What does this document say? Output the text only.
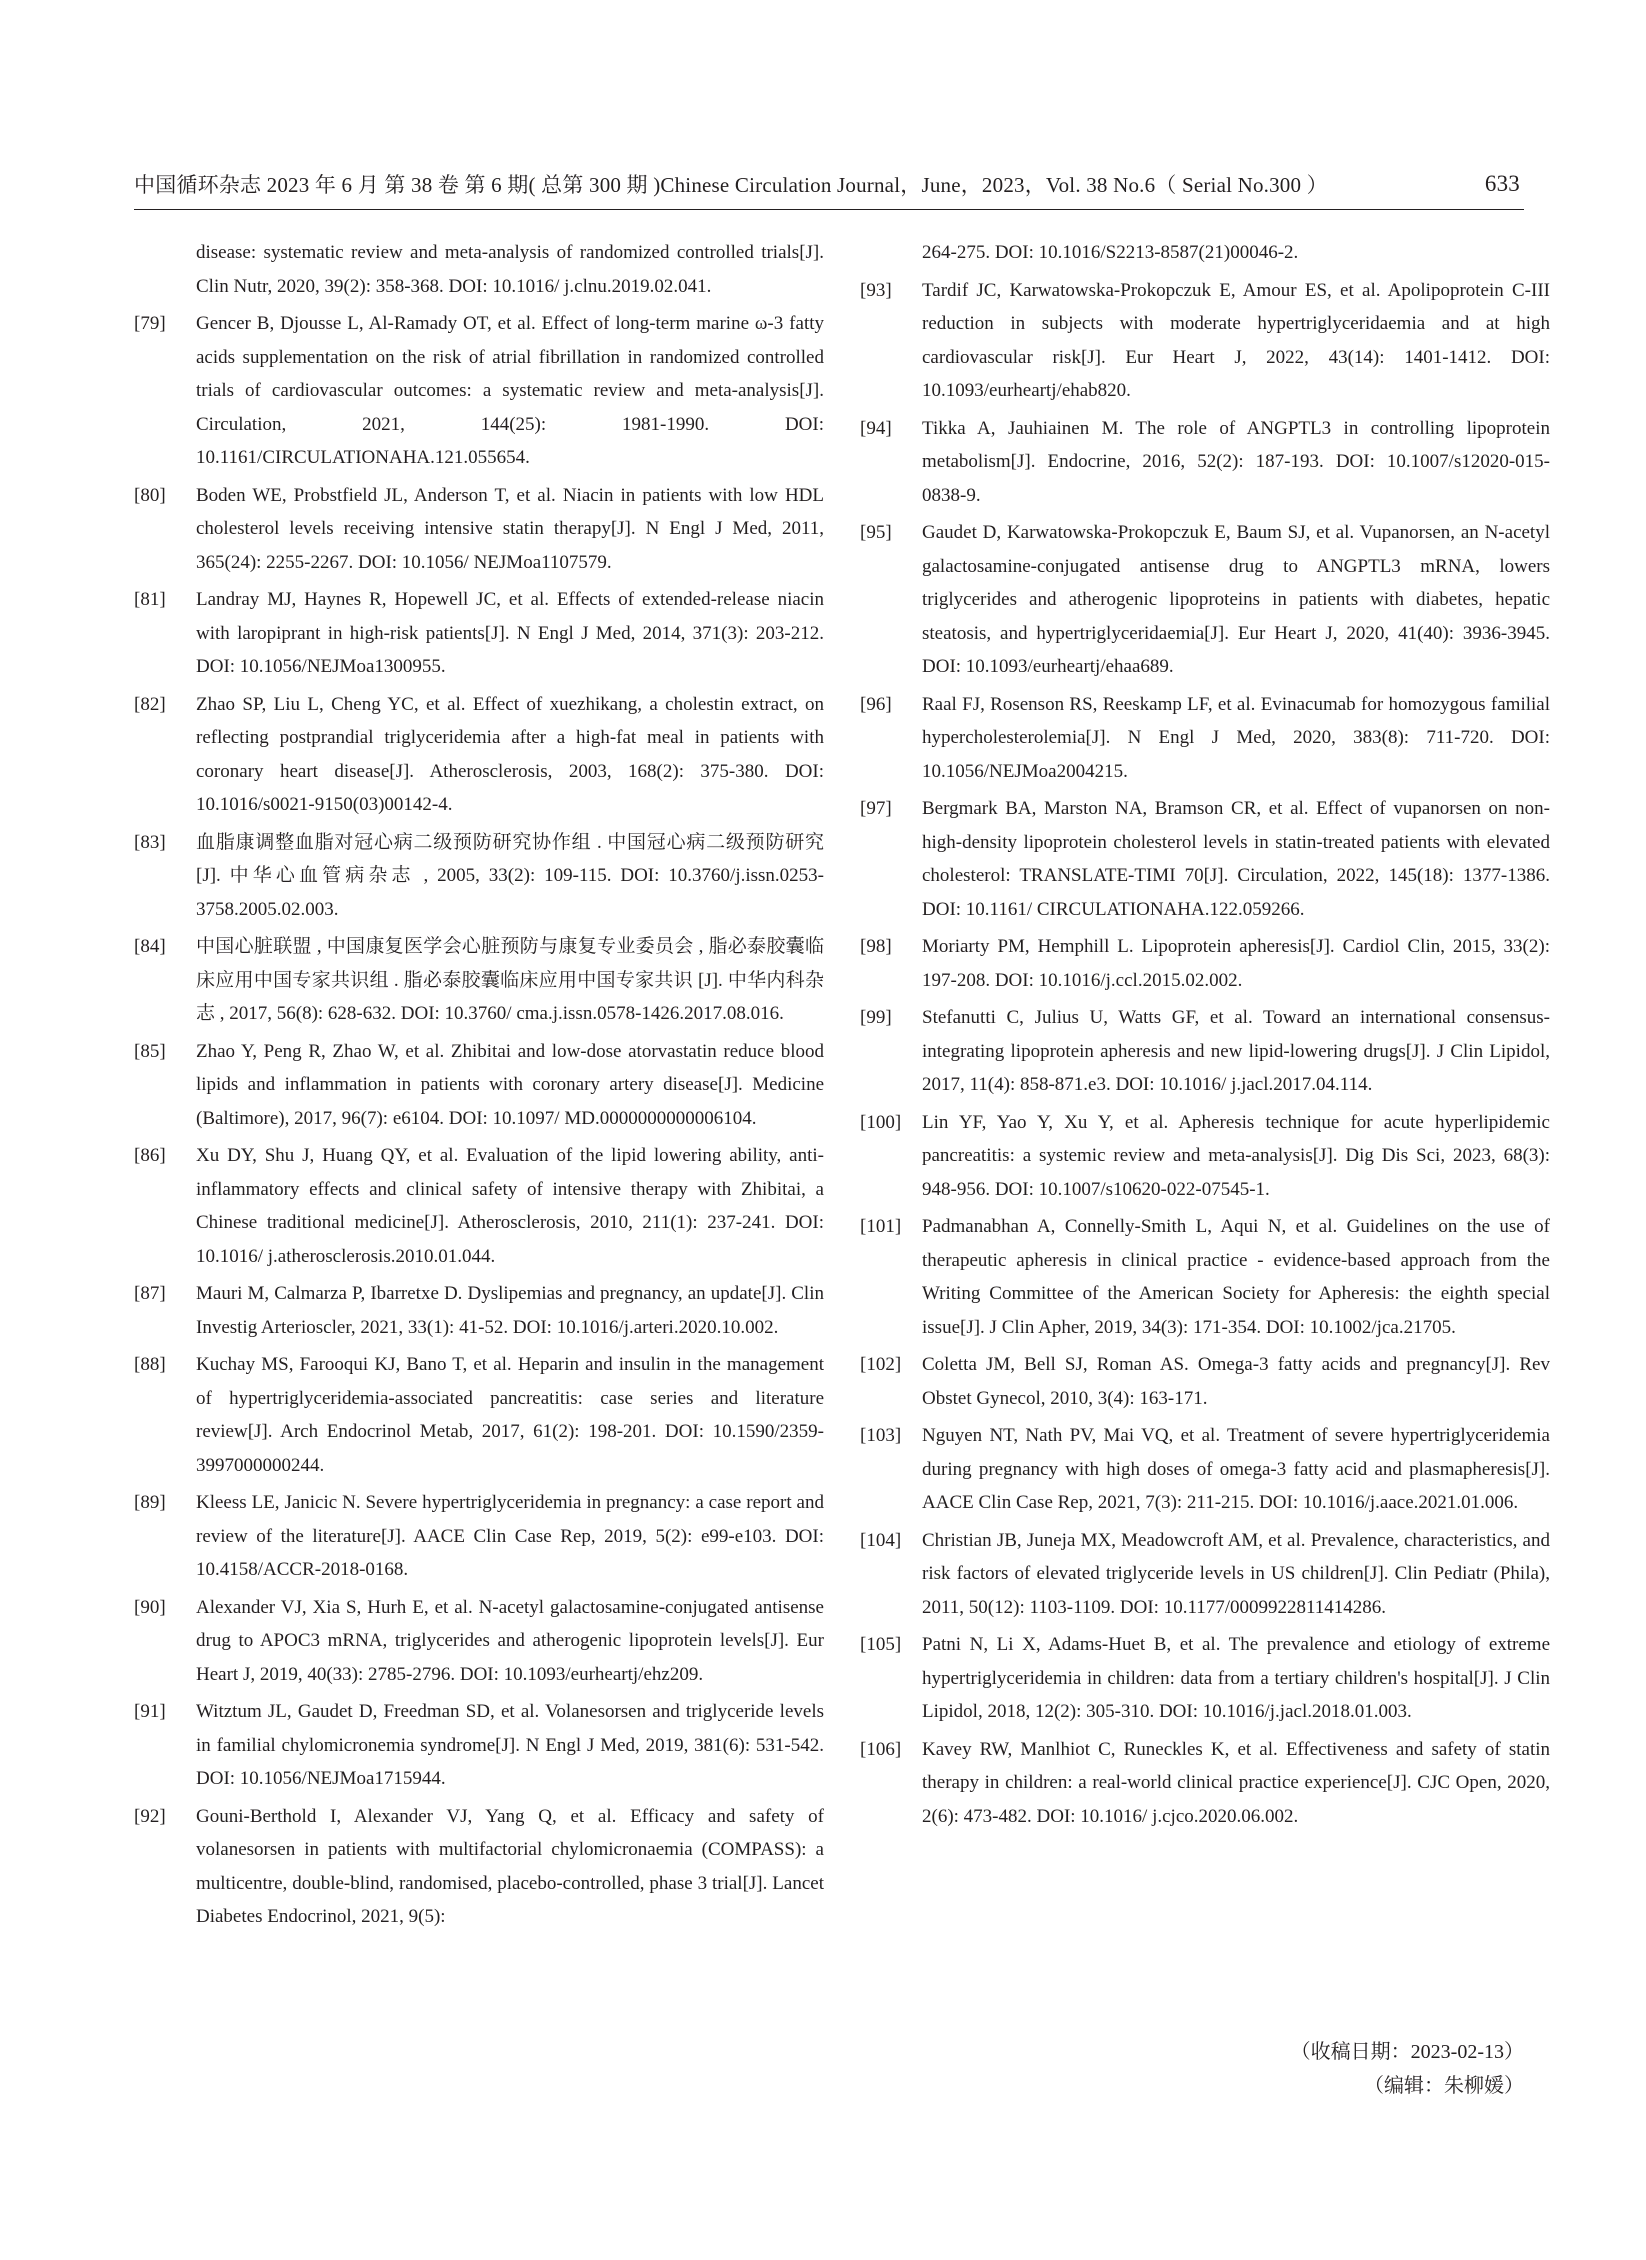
中国循环杂志 2023 年 6 月 第 38 卷 第 6 期( 总第 300 期 )Chinese Circulation Journal，June，2023，Vol. 38 No.6（ Serial No.300 ）	633
disease: systematic review and meta-analysis of randomized controlled trials[J]. Clin Nutr, 2020, 39(2): 358-368. DOI: 10.1016/ j.clnu.2019.02.041.
[79] Gencer B, Djousse L, Al-Ramady OT, et al. Effect of long-term marine ω-3 fatty acids supplementation on the risk of atrial fibrillation in randomized controlled trials of cardiovascular outcomes: a systematic review and meta-analysis[J]. Circulation, 2021, 144(25): 1981-1990. DOI: 10.1161/CIRCULATIONAHA.121.055654.
[80] Boden WE, Probstfield JL, Anderson T, et al. Niacin in patients with low HDL cholesterol levels receiving intensive statin therapy[J]. N Engl J Med, 2011, 365(24): 2255-2267. DOI: 10.1056/ NEJMoa1107579.
[81] Landray MJ, Haynes R, Hopewell JC, et al. Effects of extended-release niacin with laropiprant in high-risk patients[J]. N Engl J Med, 2014, 371(3): 203-212. DOI: 10.1056/NEJMoa1300955.
[82] Zhao SP, Liu L, Cheng YC, et al. Effect of xuezhikang, a cholestin extract, on reflecting postprandial triglyceridemia after a high-fat meal in patients with coronary heart disease[J]. Atherosclerosis, 2003, 168(2): 375-380. DOI: 10.1016/s0021-9150(03)00142-4.
[83] 血脂康调整血脂对冠心病二级预防研究协作组 . 中国冠心病二级预防研究 [J]. 中华心血管病杂志 , 2005, 33(2): 109-115. DOI: 10.3760/j.issn.0253-3758.2005.02.003.
[84] 中国心脏联盟 , 中国康复医学会心脏预防与康复专业委员会 , 脂必泰胶囊临床应用中国专家共识组 . 脂必泰胶囊临床应用中国专家共识 [J]. 中华内科杂志 , 2017, 56(8): 628-632. DOI: 10.3760/ cma.j.issn.0578-1426.2017.08.016.
[85] Zhao Y, Peng R, Zhao W, et al. Zhibitai and low-dose atorvastatin reduce blood lipids and inflammation in patients with coronary artery disease[J]. Medicine (Baltimore), 2017, 96(7): e6104. DOI: 10.1097/ MD.0000000000006104.
[86] Xu DY, Shu J, Huang QY, et al. Evaluation of the lipid lowering ability, anti-inflammatory effects and clinical safety of intensive therapy with Zhibitai, a Chinese traditional medicine[J]. Atherosclerosis, 2010, 211(1): 237-241. DOI: 10.1016/ j.atherosclerosis.2010.01.044.
[87] Mauri M, Calmarza P, Ibarretxe D. Dyslipemias and pregnancy, an update[J]. Clin Investig Arterioscler, 2021, 33(1): 41-52. DOI: 10.1016/j.arteri.2020.10.002.
[88] Kuchay MS, Farooqui KJ, Bano T, et al. Heparin and insulin in the management of hypertriglyceridemia-associated pancreatitis: case series and literature review[J]. Arch Endocrinol Metab, 2017, 61(2): 198-201. DOI: 10.1590/2359-3997000000244.
[89] Kleess LE, Janicic N. Severe hypertriglyceridemia in pregnancy: a case report and review of the literature[J]. AACE Clin Case Rep, 2019, 5(2): e99-e103. DOI: 10.4158/ACCR-2018-0168.
[90] Alexander VJ, Xia S, Hurh E, et al. N-acetyl galactosamine-conjugated antisense drug to APOC3 mRNA, triglycerides and atherogenic lipoprotein levels[J]. Eur Heart J, 2019, 40(33): 2785-2796. DOI: 10.1093/eurheartj/ehz209.
[91] Witztum JL, Gaudet D, Freedman SD, et al. Volanesorsen and triglyceride levels in familial chylomicronemia syndrome[J]. N Engl J Med, 2019, 381(6): 531-542. DOI: 10.1056/NEJMoa1715944.
[92] Gouni-Berthold I, Alexander VJ, Yang Q, et al. Efficacy and safety of volanesorsen in patients with multifactorial chylomicronaemia (COMPASS): a multicentre, double-blind, randomised, placebo-controlled, phase 3 trial[J]. Lancet Diabetes Endocrinol, 2021, 9(5):
264-275. DOI: 10.1016/S2213-8587(21)00046-2.
[93] Tardif JC, Karwatowska-Prokopczuk E, Amour ES, et al. Apolipoprotein C-III reduction in subjects with moderate hypertriglyceridaemia and at high cardiovascular risk[J]. Eur Heart J, 2022, 43(14): 1401-1412. DOI: 10.1093/eurheartj/ehab820.
[94] Tikka A, Jauhiainen M. The role of ANGPTL3 in controlling lipoprotein metabolism[J]. Endocrine, 2016, 52(2): 187-193. DOI: 10.1007/s12020-015-0838-9.
[95] Gaudet D, Karwatowska-Prokopczuk E, Baum SJ, et al. Vupanorsen, an N-acetyl galactosamine-conjugated antisense drug to ANGPTL3 mRNA, lowers triglycerides and atherogenic lipoproteins in patients with diabetes, hepatic steatosis, and hypertriglyceridaemia[J]. Eur Heart J, 2020, 41(40): 3936-3945. DOI: 10.1093/eurheartj/ehaa689.
[96] Raal FJ, Rosenson RS, Reeskamp LF, et al. Evinacumab for homozygous familial hypercholesterolemia[J]. N Engl J Med, 2020, 383(8): 711-720. DOI: 10.1056/NEJMoa2004215.
[97] Bergmark BA, Marston NA, Bramson CR, et al. Effect of vupanorsen on non-high-density lipoprotein cholesterol levels in statin-treated patients with elevated cholesterol: TRANSLATE-TIMI 70[J]. Circulation, 2022, 145(18): 1377-1386. DOI: 10.1161/ CIRCULATIONAHA.122.059266.
[98] Moriarty PM, Hemphill L. Lipoprotein apheresis[J]. Cardiol Clin, 2015, 33(2): 197-208. DOI: 10.1016/j.ccl.2015.02.002.
[99] Stefanutti C, Julius U, Watts GF, et al. Toward an international consensus-integrating lipoprotein apheresis and new lipid-lowering drugs[J]. J Clin Lipidol, 2017, 11(4): 858-871.e3. DOI: 10.1016/ j.jacl.2017.04.114.
[100] Lin YF, Yao Y, Xu Y, et al. Apheresis technique for acute hyperlipidemic pancreatitis: a systemic review and meta-analysis[J]. Dig Dis Sci, 2023, 68(3): 948-956. DOI: 10.1007/s10620-022-07545-1.
[101] Padmanabhan A, Connelly-Smith L, Aqui N, et al. Guidelines on the use of therapeutic apheresis in clinical practice - evidence-based approach from the Writing Committee of the American Society for Apheresis: the eighth special issue[J]. J Clin Apher, 2019, 34(3): 171-354. DOI: 10.1002/jca.21705.
[102] Coletta JM, Bell SJ, Roman AS. Omega-3 fatty acids and pregnancy[J]. Rev Obstet Gynecol, 2010, 3(4): 163-171.
[103] Nguyen NT, Nath PV, Mai VQ, et al. Treatment of severe hypertriglyceridemia during pregnancy with high doses of omega-3 fatty acid and plasmapheresis[J]. AACE Clin Case Rep, 2021, 7(3): 211-215. DOI: 10.1016/j.aace.2021.01.006.
[104] Christian JB, Juneja MX, Meadowcroft AM, et al. Prevalence, characteristics, and risk factors of elevated triglyceride levels in US children[J]. Clin Pediatr (Phila), 2011, 50(12): 1103-1109. DOI: 10.1177/0009922811414286.
[105] Patni N, Li X, Adams-Huet B, et al. The prevalence and etiology of extreme hypertriglyceridemia in children: data from a tertiary children's hospital[J]. J Clin Lipidol, 2018, 12(2): 305-310. DOI: 10.1016/j.jacl.2018.01.003.
[106] Kavey RW, Manlhiot C, Runeckles K, et al. Effectiveness and safety of statin therapy in children: a real-world clinical practice experience[J]. CJC Open, 2020, 2(6): 473-482. DOI: 10.1016/ j.cjco.2020.06.002.
（收稿日期：2023-02-13）
（编辑：朱柳媛）
